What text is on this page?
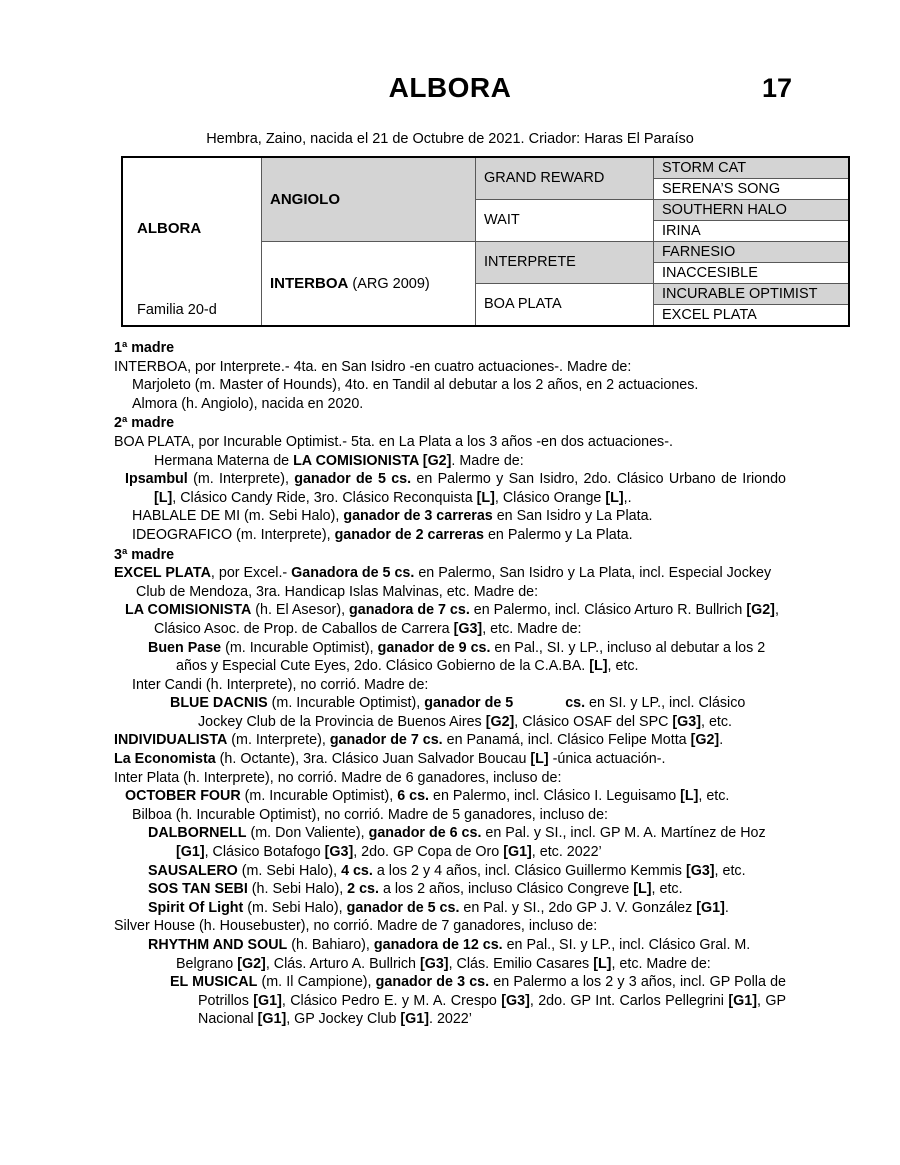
ALBORA	17
Hembra, Zaino, nacida el 21 de Octubre de 2021. Criador: Haras El Paraíso
ALBORA
Familia 20-d	ANGIOLO	GRAND REWARD	STORM CAT
			SERENA’S SONG
		WAIT	SOUTHERN HALO
			IRINA
	INTERBOA (ARG 2009)	INTERPRETE	FARNESIO
			INACCESIBLE
		BOA PLATA	INCURABLE OPTIMIST
			EXCEL PLATA
1ª madre

INTERBOA, por Interprete.- 4ta. en San Isidro -en cuatro actuaciones-. Madre de:

Marjoleto (m. Master of Hounds), 4to. en Tandil al debutar a los 2 años, en 2 actuaciones.

Almora (h. Angiolo), nacida en 2020.

2ª madre

BOA PLATA, por Incurable Optimist.- 5ta. en La Plata a los 3 años -en dos actuaciones-.

Hermana Materna de LA COMISIONISTA [G2]. Madre de:

Ipsambul (m. Interprete), ganador de 5 cs. en Palermo y San Isidro, 2do. Clásico Urbano de Iriondo [L], Clásico Candy Ride, 3ro. Clásico Reconquista [L], Clásico Orange [L],.

HABLALE DE MI (m. Sebi Halo), ganador de 3 carreras en San Isidro y La Plata.

IDEOGRAFICO (m. Interprete), ganador de 2 carreras en Palermo y La Plata.

3ª madre

EXCEL PLATA, por Excel.- Ganadora de 5 cs. en Palermo, San Isidro y La Plata, incl. Especial Jockey Club de Mendoza, 3ra. Handicap Islas Malvinas, etc. Madre de:

LA COMISIONISTA (h. El Asesor), ganadora de 7 cs. en Palermo, incl. Clásico Arturo R. Bullrich [G2], Clásico Asoc. de Prop. de Caballos de Carrera [G3], etc. Madre de:

Buen Pase (m. Incurable Optimist), ganador de 9 cs. en Pal., SI. y LP., incluso al debutar a los 2 años y Especial Cute Eyes, 2do. Clásico Gobierno de la C.A.BA. [L], etc.

Inter Candi (h. Interprete), no corrió. Madre de:

BLUE DACNIS (m. Incurable Optimist), ganador de 5	cs. en SI. y LP., incl. Clásico Jockey Club de la Provincia de Buenos Aires [G2], Clásico OSAF del SPC [G3], etc.

INDIVIDUALISTA (m. Interprete), ganador de 7 cs. en Panamá, incl. Clásico Felipe Motta [G2].

La Economista (h. Octante), 3ra. Clásico Juan Salvador Boucau [L] -única actuación-.

Inter Plata (h. Interprete), no corrió. Madre de 6 ganadores, incluso de:

OCTOBER FOUR (m. Incurable Optimist), 6 cs. en Palermo, incl. Clásico I. Leguisamo [L], etc.

Bilboa (h. Incurable Optimist), no corrió. Madre de 5 ganadores, incluso de:

DALBORNELL (m. Don Valiente), ganador de 6 cs. en Pal. y SI., incl. GP M. A. Martínez de Hoz [G1], Clásico Botafogo [G3], 2do. GP Copa de Oro [G1], etc. 2022’

SAUSALERO (m. Sebi Halo), 4 cs. a los 2 y 4 años, incl. Clásico Guillermo Kemmis [G3], etc.

SOS TAN SEBI (h. Sebi Halo), 2 cs. a los 2 años, incluso Clásico Congreve [L], etc.

Spirit Of Light (m. Sebi Halo), ganador de 5 cs. en Pal. y SI., 2do GP J. V. González [G1].

Silver House (h. Housebuster), no corrió. Madre de 7 ganadores, incluso de:

RHYTHM AND SOUL (h. Bahiaro), ganadora de 12 cs. en Pal., SI. y LP., incl. Clásico Gral. M. Belgrano [G2], Clás. Arturo A. Bullrich [G3], Clás. Emilio Casares [L], etc. Madre de:

EL MUSICAL (m. Il Campione), ganador de 3 cs. en Palermo a los 2 y 3 años, incl. GP Polla de Potrillos [G1], Clásico Pedro E. y M. A. Crespo [G3], 2do. GP Int. Carlos Pellegrini [G1], GP Nacional [G1], GP Jockey Club [G1]. 2022’
